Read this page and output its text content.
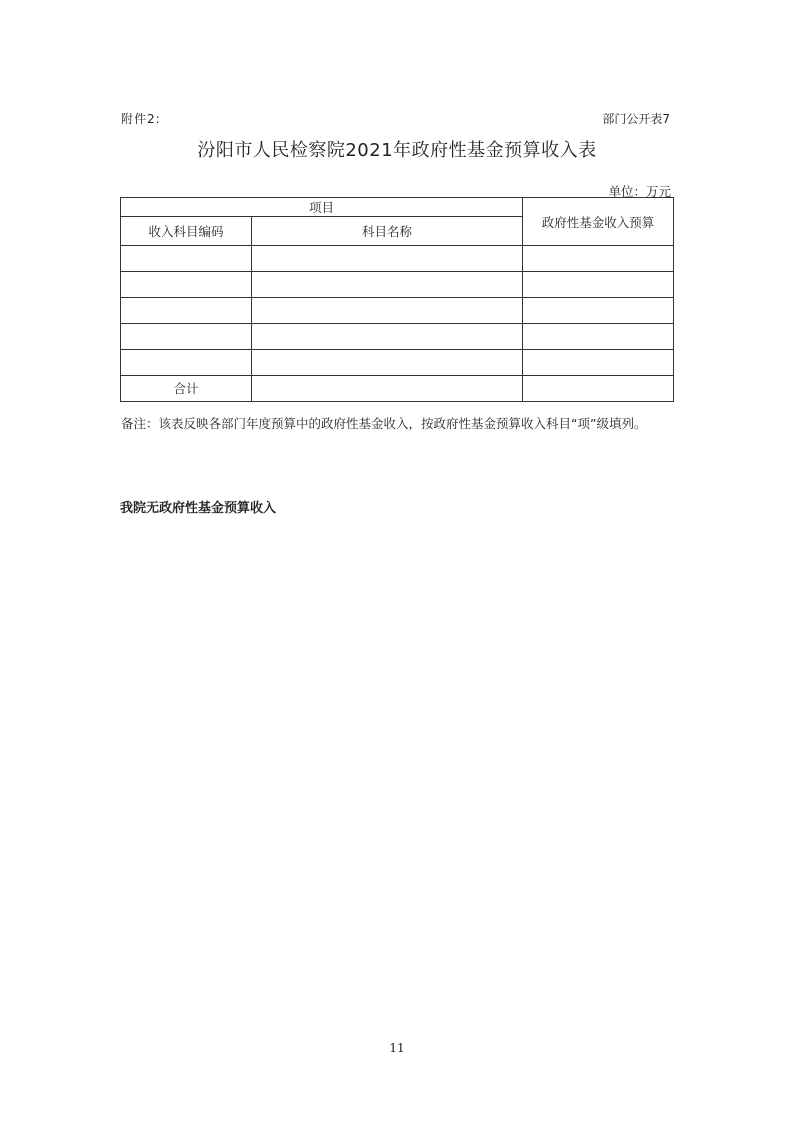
附件2:	部门公开表7
汾阳市人民检察院2021年政府性基金预算收入表
单位：万元
项目		政府性基金收入预算
收入科目编码	科目名称	

合计		
备注：该表反映各部门年度预算中的政府性基金收入，按政府性基金预算收入科目“项”级填列。
我院无政府性基金预算收入
11
